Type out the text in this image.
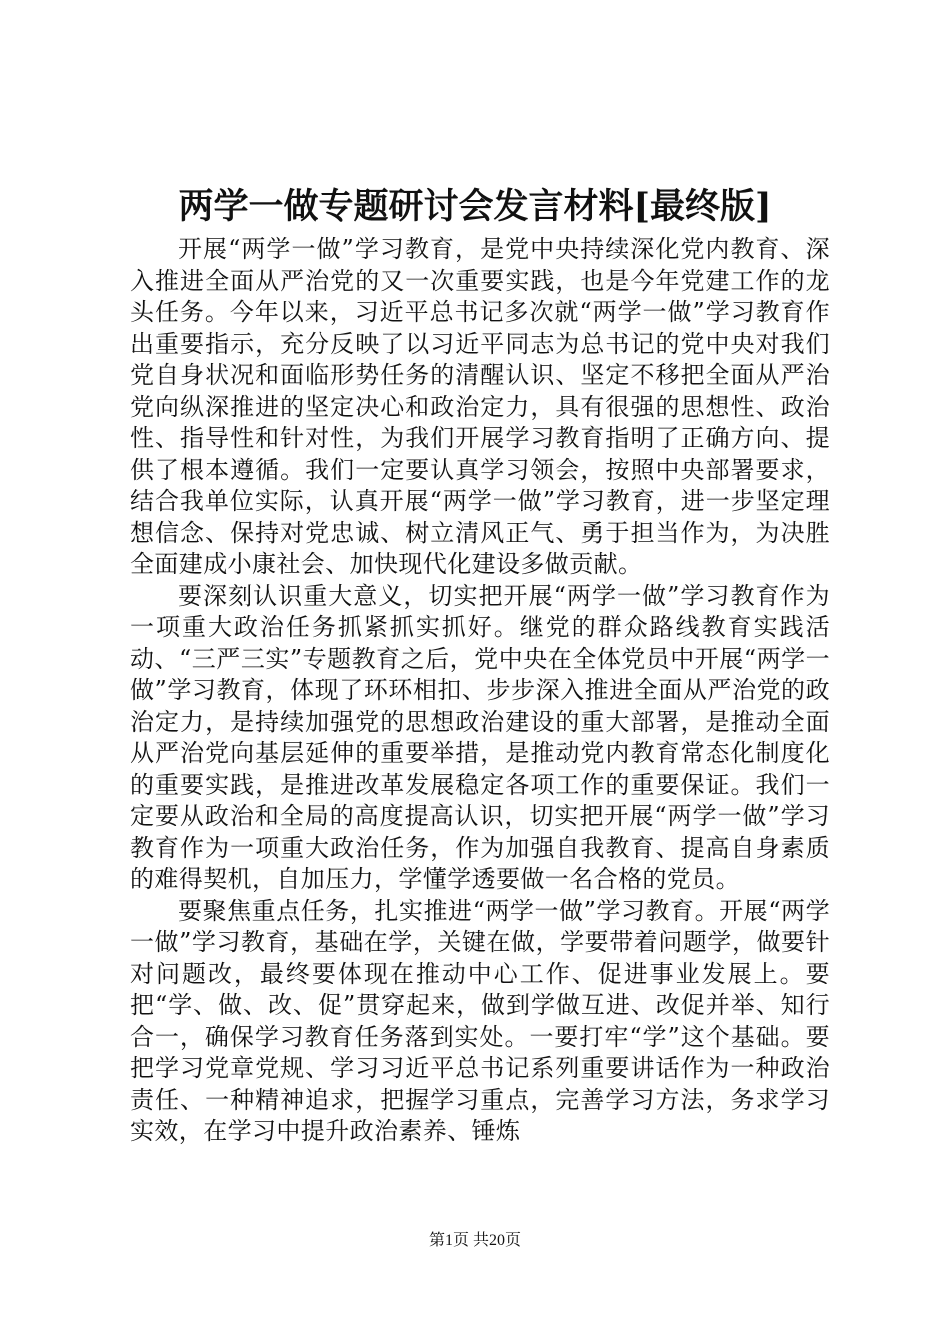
两学一做专题研讨会发言材料[最终版]

开展“两学一做”学习教育，是党中央持续深化党内教育、深入推进全面从严治党的又一次重要实践，也是今年党建工作的龙头任务。今年以来，习近平总书记多次就“两学一做”学习教育作出重要指示，充分反映了以习近平同志为总书记的党中央对我们党自身状况和面临形势任务的清醒认识、坚定不移把全面从严治党向纵深推进的坚定决心和政治定力，具有很强的思想性、政治性、指导性和针对性，为我们开展学习教育指明了正确方向、提供了根本遵循。我们一定要认真学习领会，按照中央部署要求，结合我单位实际，认真开展“两学一做”学习教育，进一步坚定理想信念、保持对党忠诚、树立清风正气、勇于担当作为，为决胜全面建成小康社会、加快现代化建设多做贡献。

要深刻认识重大意义，切实把开展“两学一做”学习教育作为一项重大政治任务抓紧抓实抓好。继党的群众路线教育实践活动、“三严三实”专题教育之后，党中央在全体党员中开展“两学一做”学习教育，体现了环环相扣、步步深入推进全面从严治党的政治定力，是持续加强党的思想政治建设的重大部署，是推动全面从严治党向基层延伸的重要举措，是推动党内教育常态化制度化的重要实践，是推进改革发展稳定各项工作的重要保证。我们一定要从政治和全局的高度提高认识，切实把开展“两学一做”学习教育作为一项重大政治任务，作为加强自我教育、提高自身素质的难得契机，自加压力，学懂学透要做一名合格的党员。

要聚焦重点任务，扎实推进“两学一做”学习教育。开展“两学一做”学习教育，基础在学，关键在做，学要带着问题学，做要针对问题改，最终要体现在推动中心工作、促进事业发展上。要把“学、做、改、促”贯穿起来，做到学做互进、改促并举、知行合一，确保学习教育任务落到实处。一要打牢“学”这个基础。要把学习党章党规、学习习近平总书记系列重要讲话作为一种政治责任、一种精神追求，把握学习重点，完善学习方法，务求学习实效，在学习中提升政治素养、锤炼

第1页 共20页
